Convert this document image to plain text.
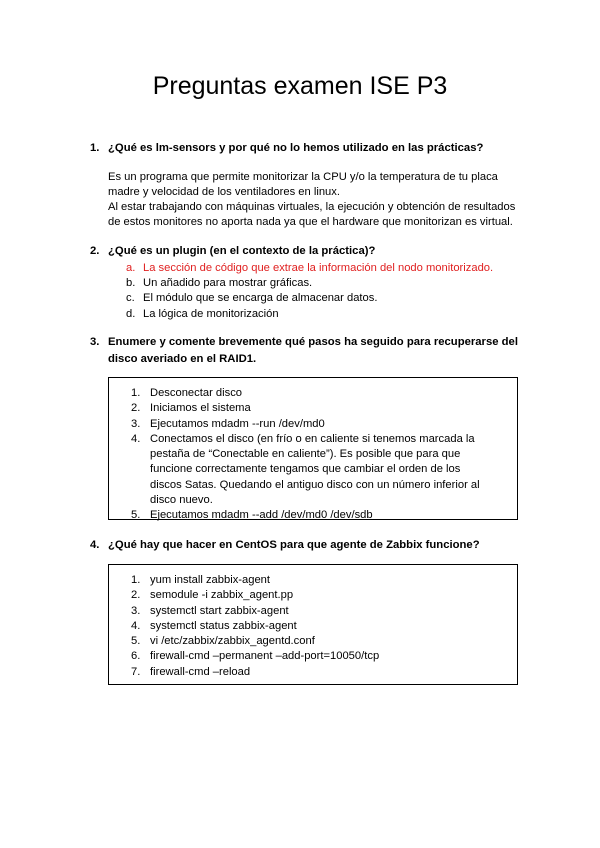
Preguntas examen ISE P3
1. ¿Qué es lm-sensors y por qué no lo hemos utilizado en las prácticas?

Es un programa que permite monitorizar la CPU y/o la temperatura de tu placa madre y velocidad de los ventiladores en linux.

Al estar trabajando con máquinas virtuales, la ejecución y obtención de resultados de estos monitores no aporta nada ya que el hardware que monitorizan es virtual.

2. ¿Qué es un plugin (en el contexto de la práctica)?
a. La sección de código que extrae la información del nodo monitorizado.
b. Un añadido para mostrar gráficas.
c. El módulo que se encarga de almacenar datos.
d. La lógica de monitorización
3. Enumere y comente brevemente qué pasos ha seguido para recuperarse del disco averiado en el RAID1.
1. Desconectar disco
2. Iniciamos el sistema
3. Ejecutamos mdadm --run /dev/md0
4. Conectamos el disco (en frío o en caliente si tenemos marcada la pestaña de “Conectable en caliente”). Es posible que para que funcione correctamente tengamos que cambiar el orden de los discos Satas. Quedando el antiguo disco con un número inferior al disco nuevo.
5. Ejecutamos mdadm --add /dev/md0 /dev/sdb
4. ¿Qué hay que hacer en CentOS para que agente de Zabbix funcione?
1. yum install zabbix-agent
2. semodule -i zabbix_agent.pp
3. systemctl start zabbix-agent
4. systemctl status zabbix-agent
5. vi /etc/zabbix/zabbix_agentd.conf
6. firewall-cmd –permanent –add-port=10050/tcp
7. firewall-cmd –reload
